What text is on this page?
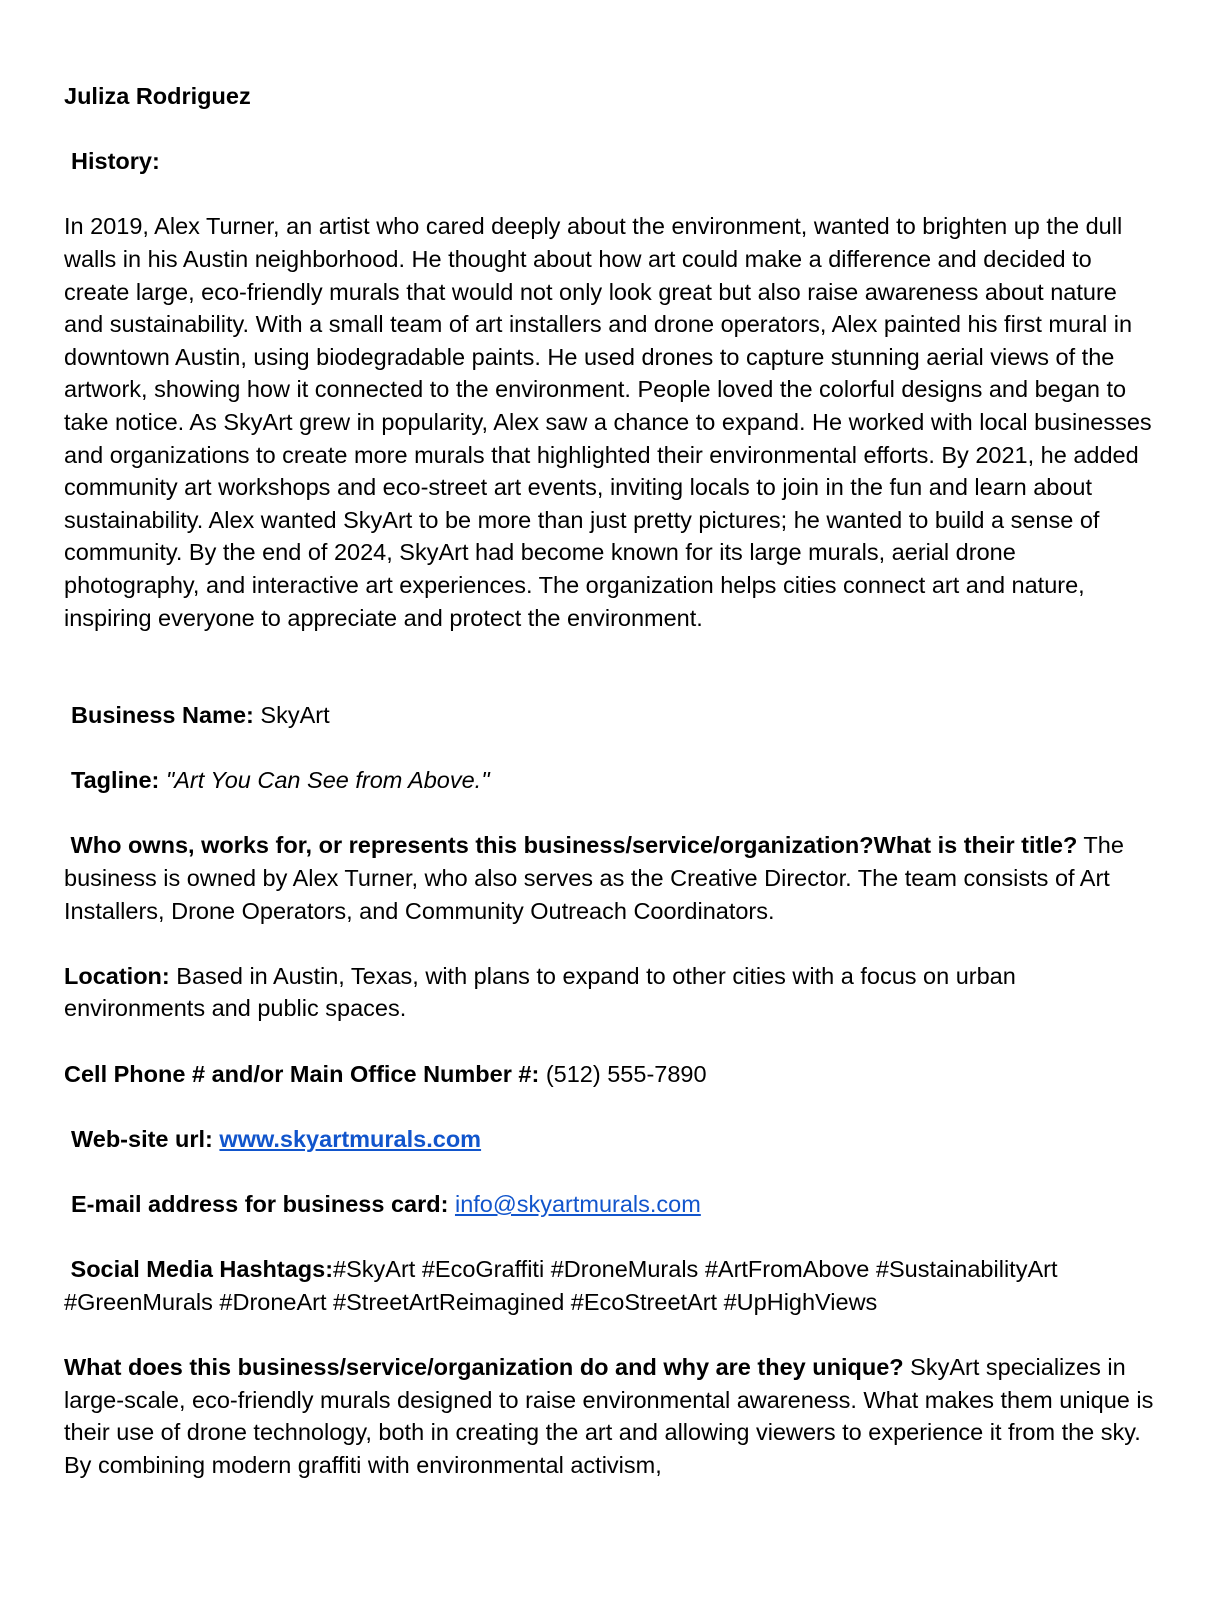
Juliza Rodriguez

History:

In 2019, Alex Turner, an artist who cared deeply about the environment, wanted to brighten up the dull walls in his Austin neighborhood. He thought about how art could make a difference and decided to create large, eco-friendly murals that would not only look great but also raise awareness about nature and sustainability. With a small team of art installers and drone operators, Alex painted his first mural in downtown Austin, using biodegradable paints. He used drones to capture stunning aerial views of the artwork, showing how it connected to the environment. People loved the colorful designs and began to take notice. As SkyArt grew in popularity, Alex saw a chance to expand. He worked with local businesses and organizations to create more murals that highlighted their environmental efforts. By 2021, he added community art workshops and eco-street art events, inviting locals to join in the fun and learn about sustainability. Alex wanted SkyArt to be more than just pretty pictures; he wanted to build a sense of community. By the end of 2024, SkyArt had become known for its large murals, aerial drone photography, and interactive art experiences. The organization helps cities connect art and nature, inspiring everyone to appreciate and protect the environment.

Business Name: SkyArt

Tagline: "Art You Can See from Above."

Who owns, works for, or represents this business/service/organization?What is their title? The business is owned by Alex Turner, who also serves as the Creative Director. The team consists of Art Installers, Drone Operators, and Community Outreach Coordinators.

Location: Based in Austin, Texas, with plans to expand to other cities with a focus on urban environments and public spaces.

Cell Phone # and/or Main Office Number #: (512) 555-7890

Web-site url: www.skyartmurals.com

E-mail address for business card: info@skyartmurals.com

Social Media Hashtags:#SkyArt #EcoGraffiti #DroneMurals #ArtFromAbove #SustainabilityArt #GreenMurals #DroneArt #StreetArtReimagined #EcoStreetArt #UpHighViews

What does this business/service/organization do and why are they unique? SkyArt specializes in large-scale, eco-friendly murals designed to raise environmental awareness. What makes them unique is their use of drone technology, both in creating the art and allowing viewers to experience it from the sky. By combining modern graffiti with environmental activism,
